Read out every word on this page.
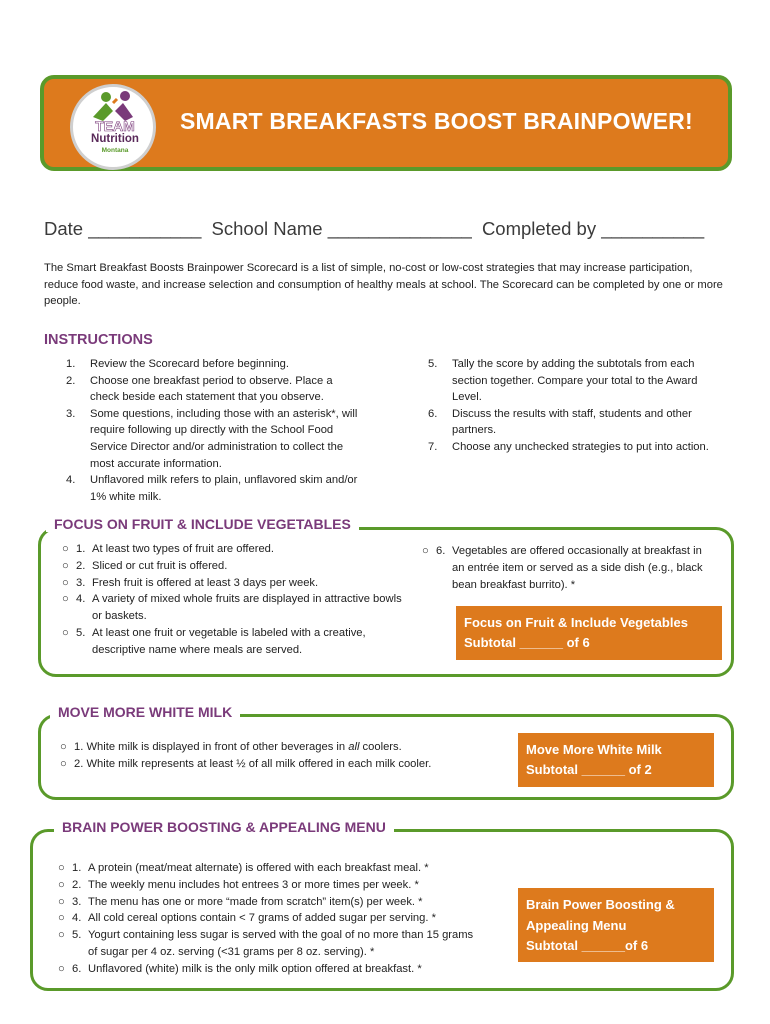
TEAM
Nutrition
Montana
SMART BREAKFASTS BOOST BRAINPOWER!
Date ___________ School Name ______________ Completed by __________
The Smart Breakfast Boosts Brainpower Scorecard is a list of simple, no-cost or low-cost strategies that may increase participation, reduce food waste, and increase selection and consumption of healthy meals at school. The Scorecard can be completed by one or more people.
INSTRUCTIONS
1.	Review the Scorecard before beginning.
2.	Choose one breakfast period to observe. Place a check beside each statement that you observe.
3.	Some questions, including those with an asterisk*, will require following up directly with the School Food Service Director and/or administration to collect the most accurate information.
4.	Unflavored milk refers to plain, unflavored skim and/or 1% white milk.
5.	Tally the score by adding the subtotals from each section together. Compare your total to the Award Level.
6.	Discuss the results with staff, students and other partners.
7.	Choose any unchecked strategies to put into action.
FOCUS ON FRUIT & INCLUDE VEGETABLES
○ 1. At least two types of fruit are offered.
○ 2. Sliced or cut fruit is offered.
○ 3. Fresh fruit is offered at least 3 days per week.
○ 4. A variety of mixed whole fruits are displayed in attractive bowls or baskets.
○ 5. At least one fruit or vegetable is labeled with a creative, descriptive name where meals are served.
○ 6. Vegetables are offered occasionally at breakfast in an entrée item or served as a side dish (e.g., black bean breakfast burrito). *
Focus on Fruit & Include Vegetables
Subtotal ______ of 6
MOVE MORE WHITE MILK
○ 1. White milk is displayed in front of other beverages in all coolers.
○ 2. White milk represents at least ½ of all milk offered in each milk cooler.
Move More White Milk
Subtotal ______ of 2
BRAIN POWER BOOSTING & APPEALING MENU
○ 1. A protein (meat/meat alternate) is offered with each breakfast meal. *
○ 2. The weekly menu includes hot entrees 3 or more times per week. *
○ 3. The menu has one or more “made from scratch” item(s) per week. *
○ 4. All cold cereal options contain < 7 grams of added sugar per serving. *
○ 5. Yogurt containing less sugar is served with the goal of no more than 15 grams of sugar per 4 oz. serving (<31 grams per 8 oz. serving). *
○ 6. Unflavored (white) milk is the only milk option offered at breakfast. *
Brain Power Boosting &
Appealing Menu
Subtotal ______of 6
